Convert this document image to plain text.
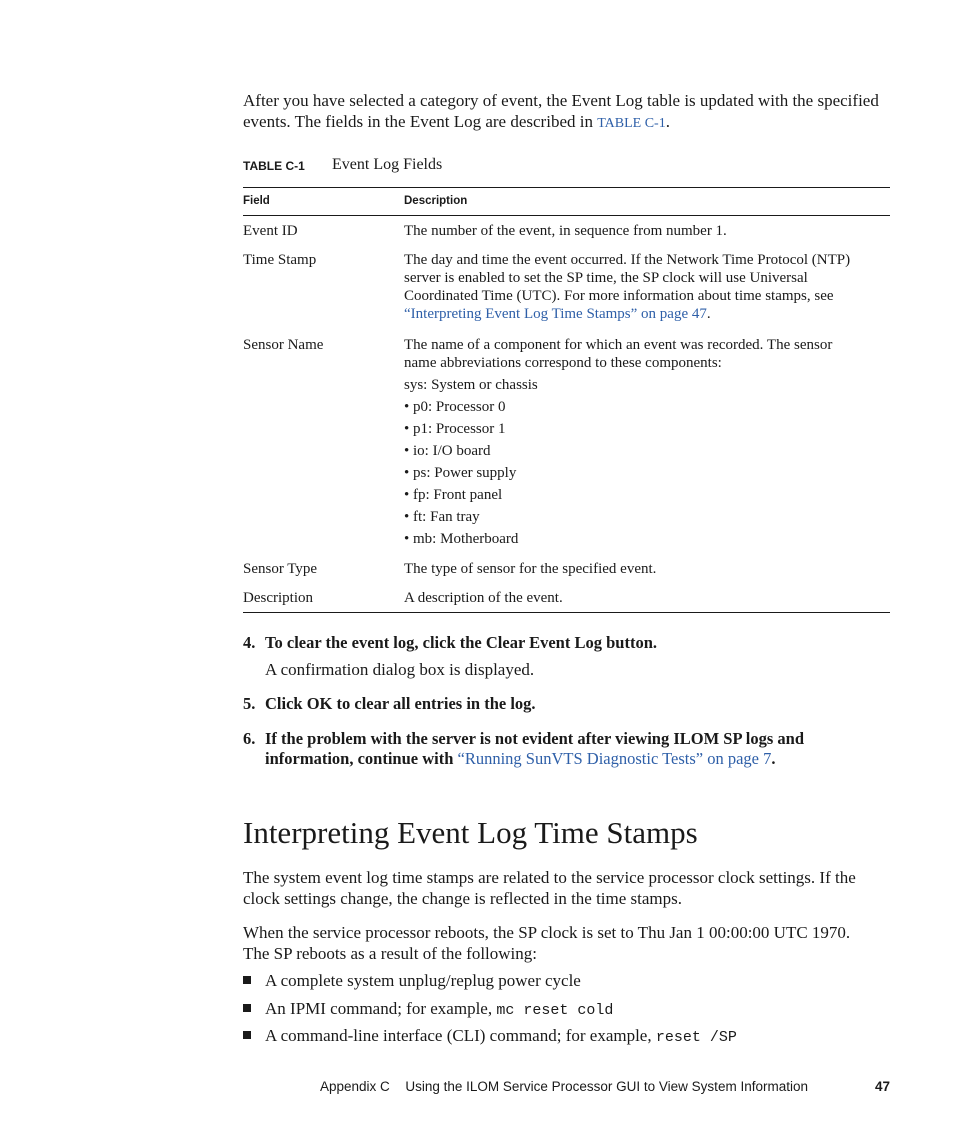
After you have selected a category of event, the Event Log table is updated with the specified events. The fields in the Event Log are described in TABLE C-1.
TABLE C-1 Event Log Fields
Field	Description
Event ID	The number of the event, in sequence from number 1.
Time Stamp	The day and time the event occurred. If the Network Time Protocol (NTP) server is enabled to set the SP time, the SP clock will use Universal Coordinated Time (UTC). For more information about time stamps, see “Interpreting Event Log Time Stamps” on page 47.
Sensor Name	The name of a component for which an event was recorded. The sensor name abbreviations correspond to these components:
sys: System or chassis
• p0: Processor 0
• p1: Processor 1
• io: I/O board
• ps: Power supply
• fp: Front panel
• ft: Fan tray
• mb: Motherboard
Sensor Type	The type of sensor for the specified event.
Description	A description of the event.
4. To clear the event log, click the Clear Event Log button.
A confirmation dialog box is displayed.
5. Click OK to clear all entries in the log.
6. If the problem with the server is not evident after viewing ILOM SP logs and information, continue with “Running SunVTS Diagnostic Tests” on page 7.
Interpreting Event Log Time Stamps
The system event log time stamps are related to the service processor clock settings. If the clock settings change, the change is reflected in the time stamps.
When the service processor reboots, the SP clock is set to Thu Jan 1 00:00:00 UTC 1970. The SP reboots as a result of the following:
A complete system unplug/replug power cycle
An IPMI command; for example, mc reset cold
A command-line interface (CLI) command; for example, reset /SP
Appendix C Using the ILOM Service Processor GUI to View System Information	47
